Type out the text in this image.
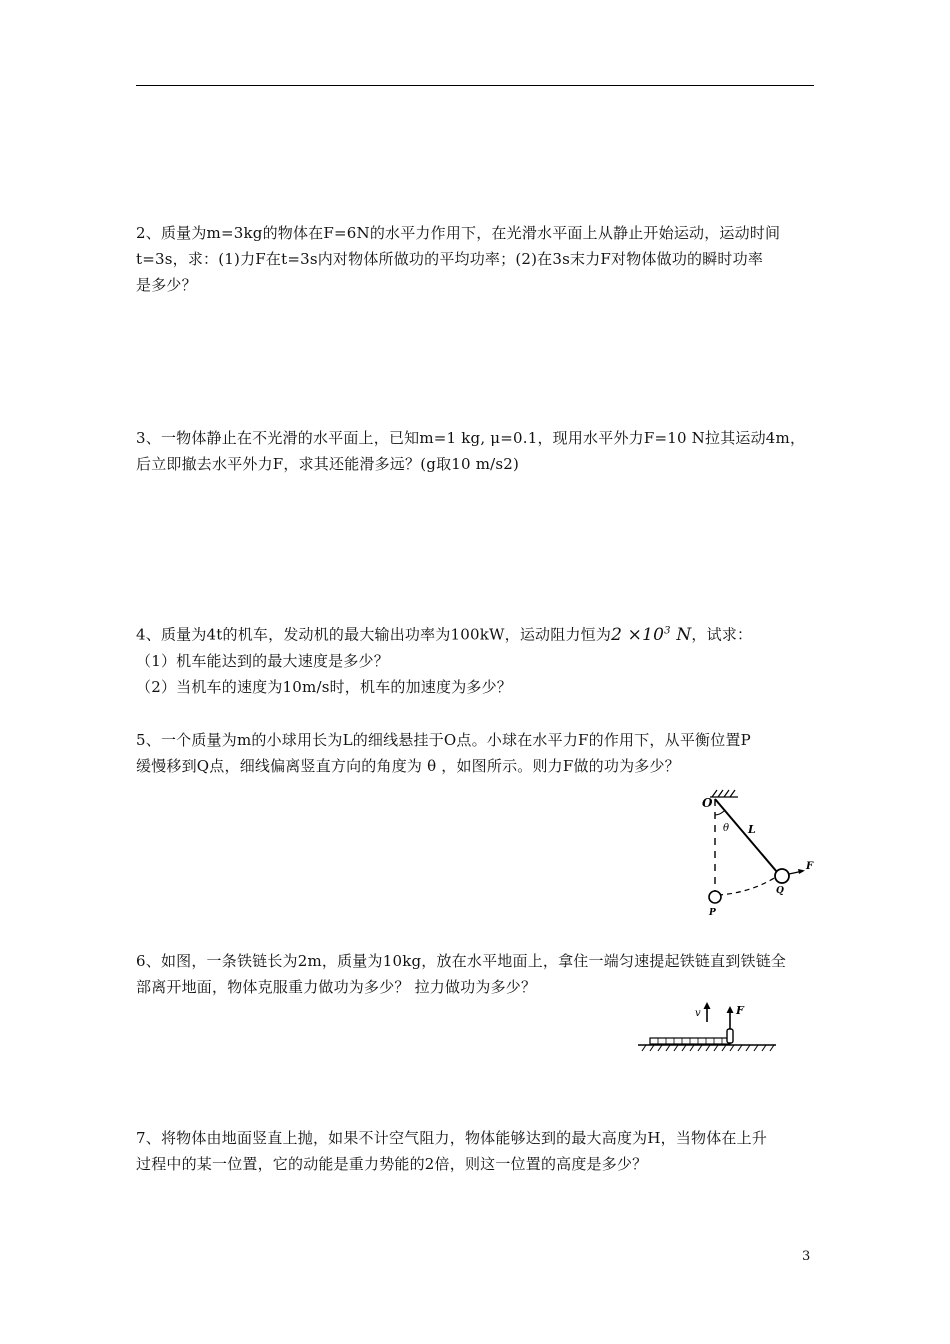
2、质量为m=3kg的物体在F=6N的水平力作用下，在光滑水平面上从静止开始运动，运动时间

t=3s，求：(1)力F在t=3s内对物体所做功的平均功率；(2)在3s末力F对物体做功的瞬时功率

是多少？

3、一物体静止在不光滑的水平面上，已知m=1 kg, μ=0.1，现用水平外力F=10 N拉其运动4m，

后立即撤去水平外力F，求其还能滑多远？(g取10 m/s2)

4、质量为4t的机车，发动机的最大输出功率为100kW，运动阻力恒为$2 \times 10^3$ N，试求：

（1）机车能达到的最大速度是多少？

（2）当机车的速度为10m/s时，机车的加速度为多少？

5、一个质量为m的小球用长为L的细线悬挂于O点。小球在水平力F的作用下，从平衡位置P

缓慢移到Q点，细线偏离竖直方向的角度为 θ ，如图所示。则力F做的功为多少？

O
θ L
F
Q
P

6、如图，一条铁链长为2m，质量为10kg，放在水平地面上，拿住一端匀速提起铁链直到铁链全

部离开地面，物体克服重力做功为多少？ 拉力做功为多少？

v	F

7、将物体由地面竖直上抛，如果不计空气阻力，物体能够达到的最大高度为H，当物体在上升

过程中的某一位置，它的动能是重力势能的2倍，则这一位置的高度是多少？

3
